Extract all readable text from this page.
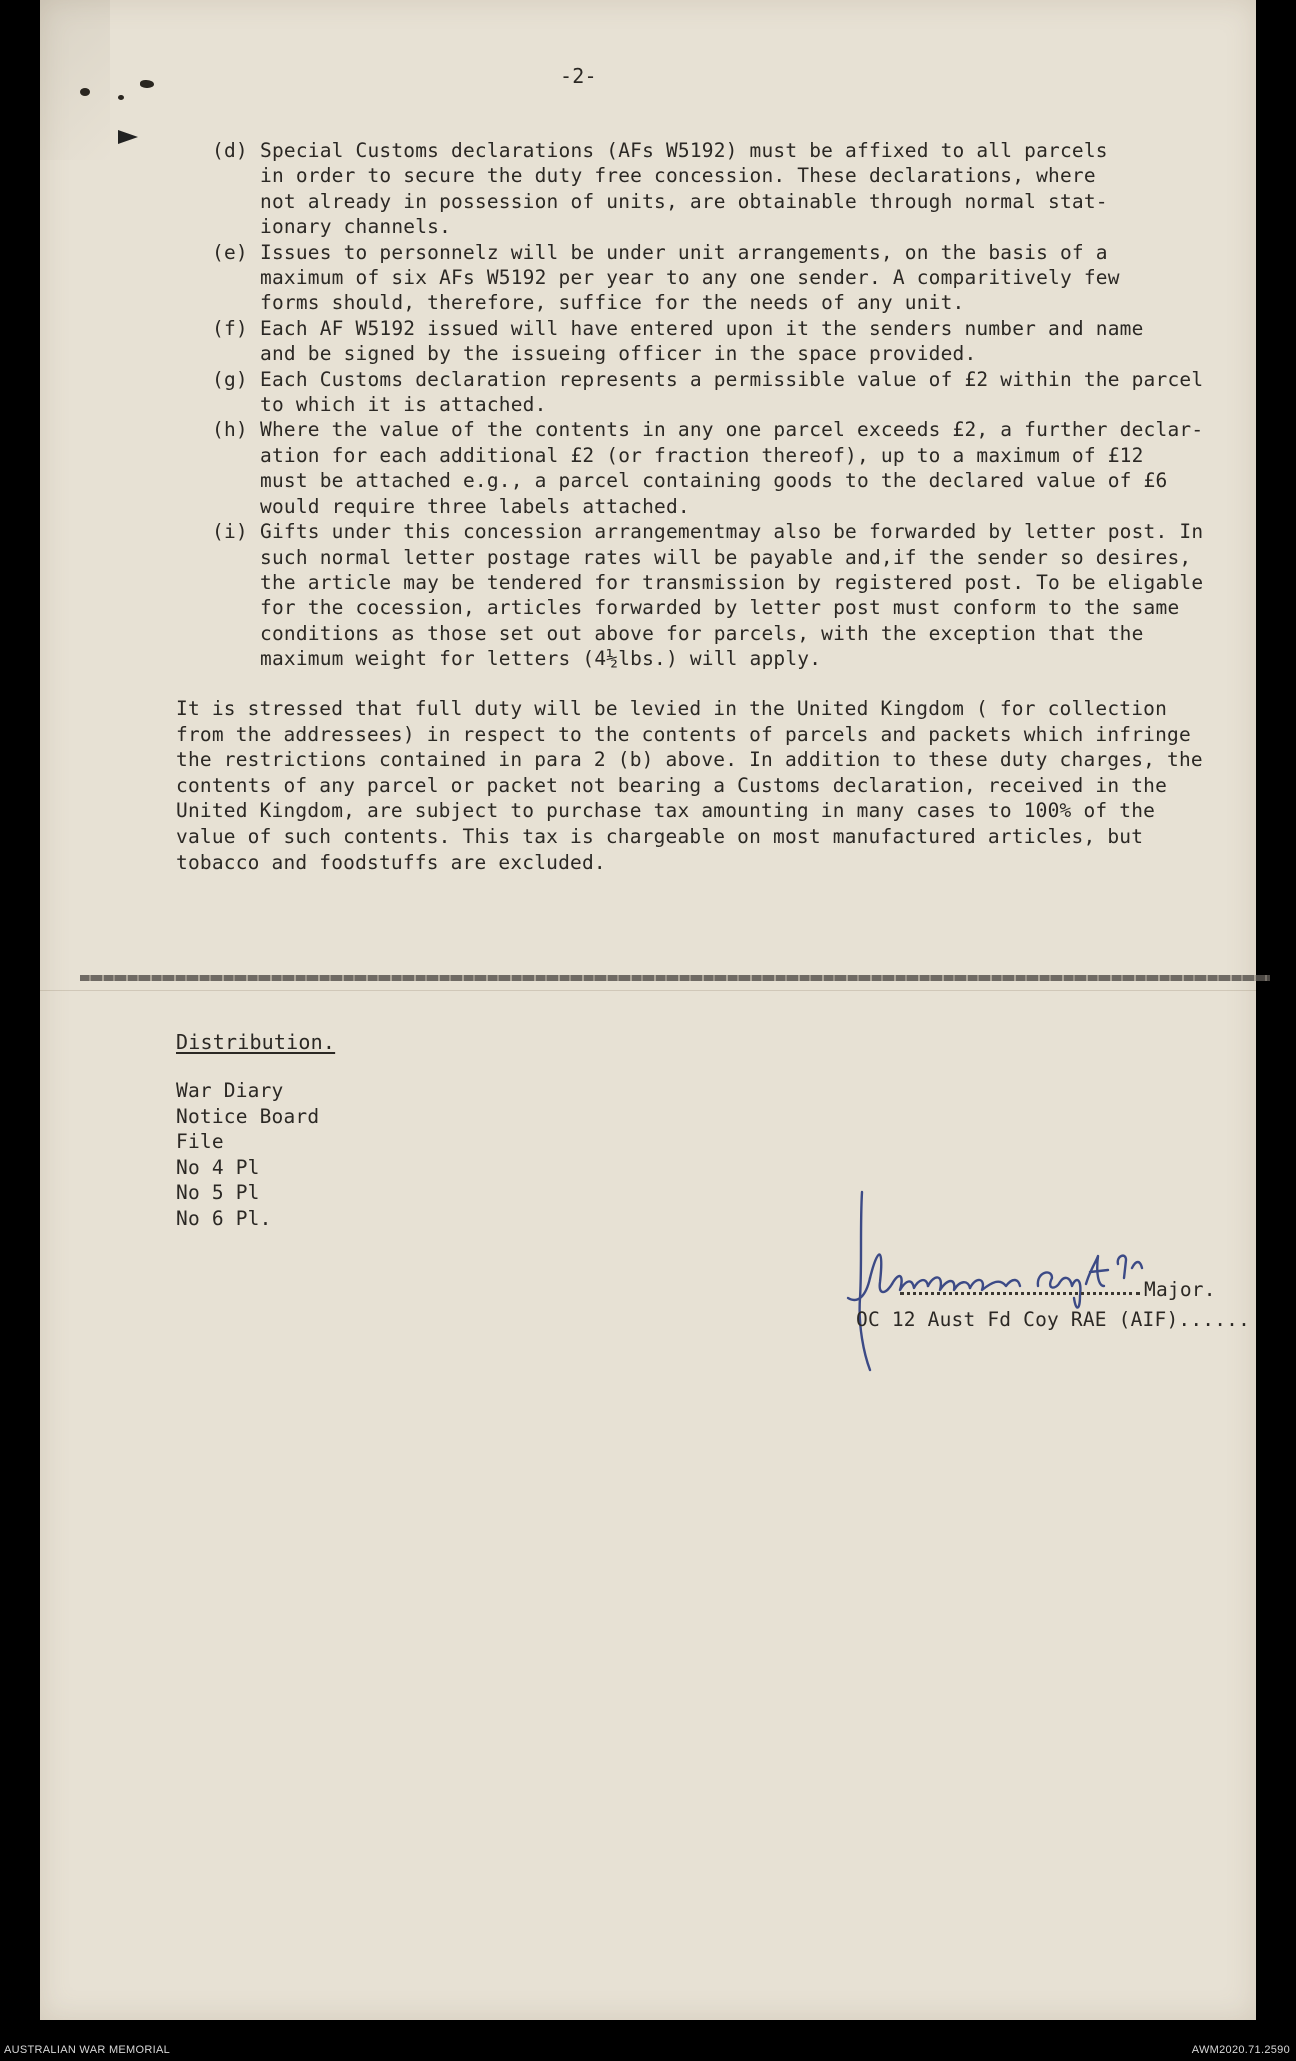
-2-
(d) Special Customs declarations (AFs W5192) must be affixed to all parcels
in order to secure the duty free concession. These declarations, where
not already in possession of units, are obtainable through normal stat-
ionary channels.
(e) Issues to personnelz will be under unit arrangements, on the basis of a
maximum of six AFs W5192 per year to any one sender. A comparitively few
forms should, therefore, suffice for the needs of any unit.
(f) Each AF W5192 issued will have entered upon it the senders number and name
and be signed by the issueing officer in the space provided.
(g) Each Customs declaration represents a permissible value of £2 within the parcel
to which it is attached.
(h) Where the value of the contents in any one parcel exceeds £2, a further declar-
ation for each additional £2 (or fraction thereof), up to a maximum of £12
must be attached e.g., a parcel containing goods to the declared value of £6
would require three labels attached.
(i) Gifts under this concession arrangementmay also be forwarded by letter post. In
such normal letter postage rates will be payable and,if the sender so desires,
the article may be tendered for transmission by registered post. To be eligable
for the cocession, articles forwarded by letter post must conform to the same
conditions as those set out above for parcels, with the exception that the
maximum weight for letters (4½lbs.) will apply.
It is stressed that full duty will be levied in the United Kingdom ( for collection
from the addressees) in respect to the contents of parcels and packets which infringe
the restrictions contained in para 2 (b) above. In addition to these duty charges, the
contents of any parcel or packet not bearing a Customs declaration, received in the
United Kingdom, are subject to purchase tax amounting in many cases to 100% of the
value of such contents. This tax is chargeable on most manufactured articles, but
tobacco and foodstuffs are excluded.
Distribution.
War Diary
Notice Board
File
No 4 Pl
No 5 Pl
No 6 Pl.
Major.
OC 12 Aust Fd Coy RAE (AIF)......
AUSTRALIAN WAR MEMORIAL	AWM2020.71.2590
